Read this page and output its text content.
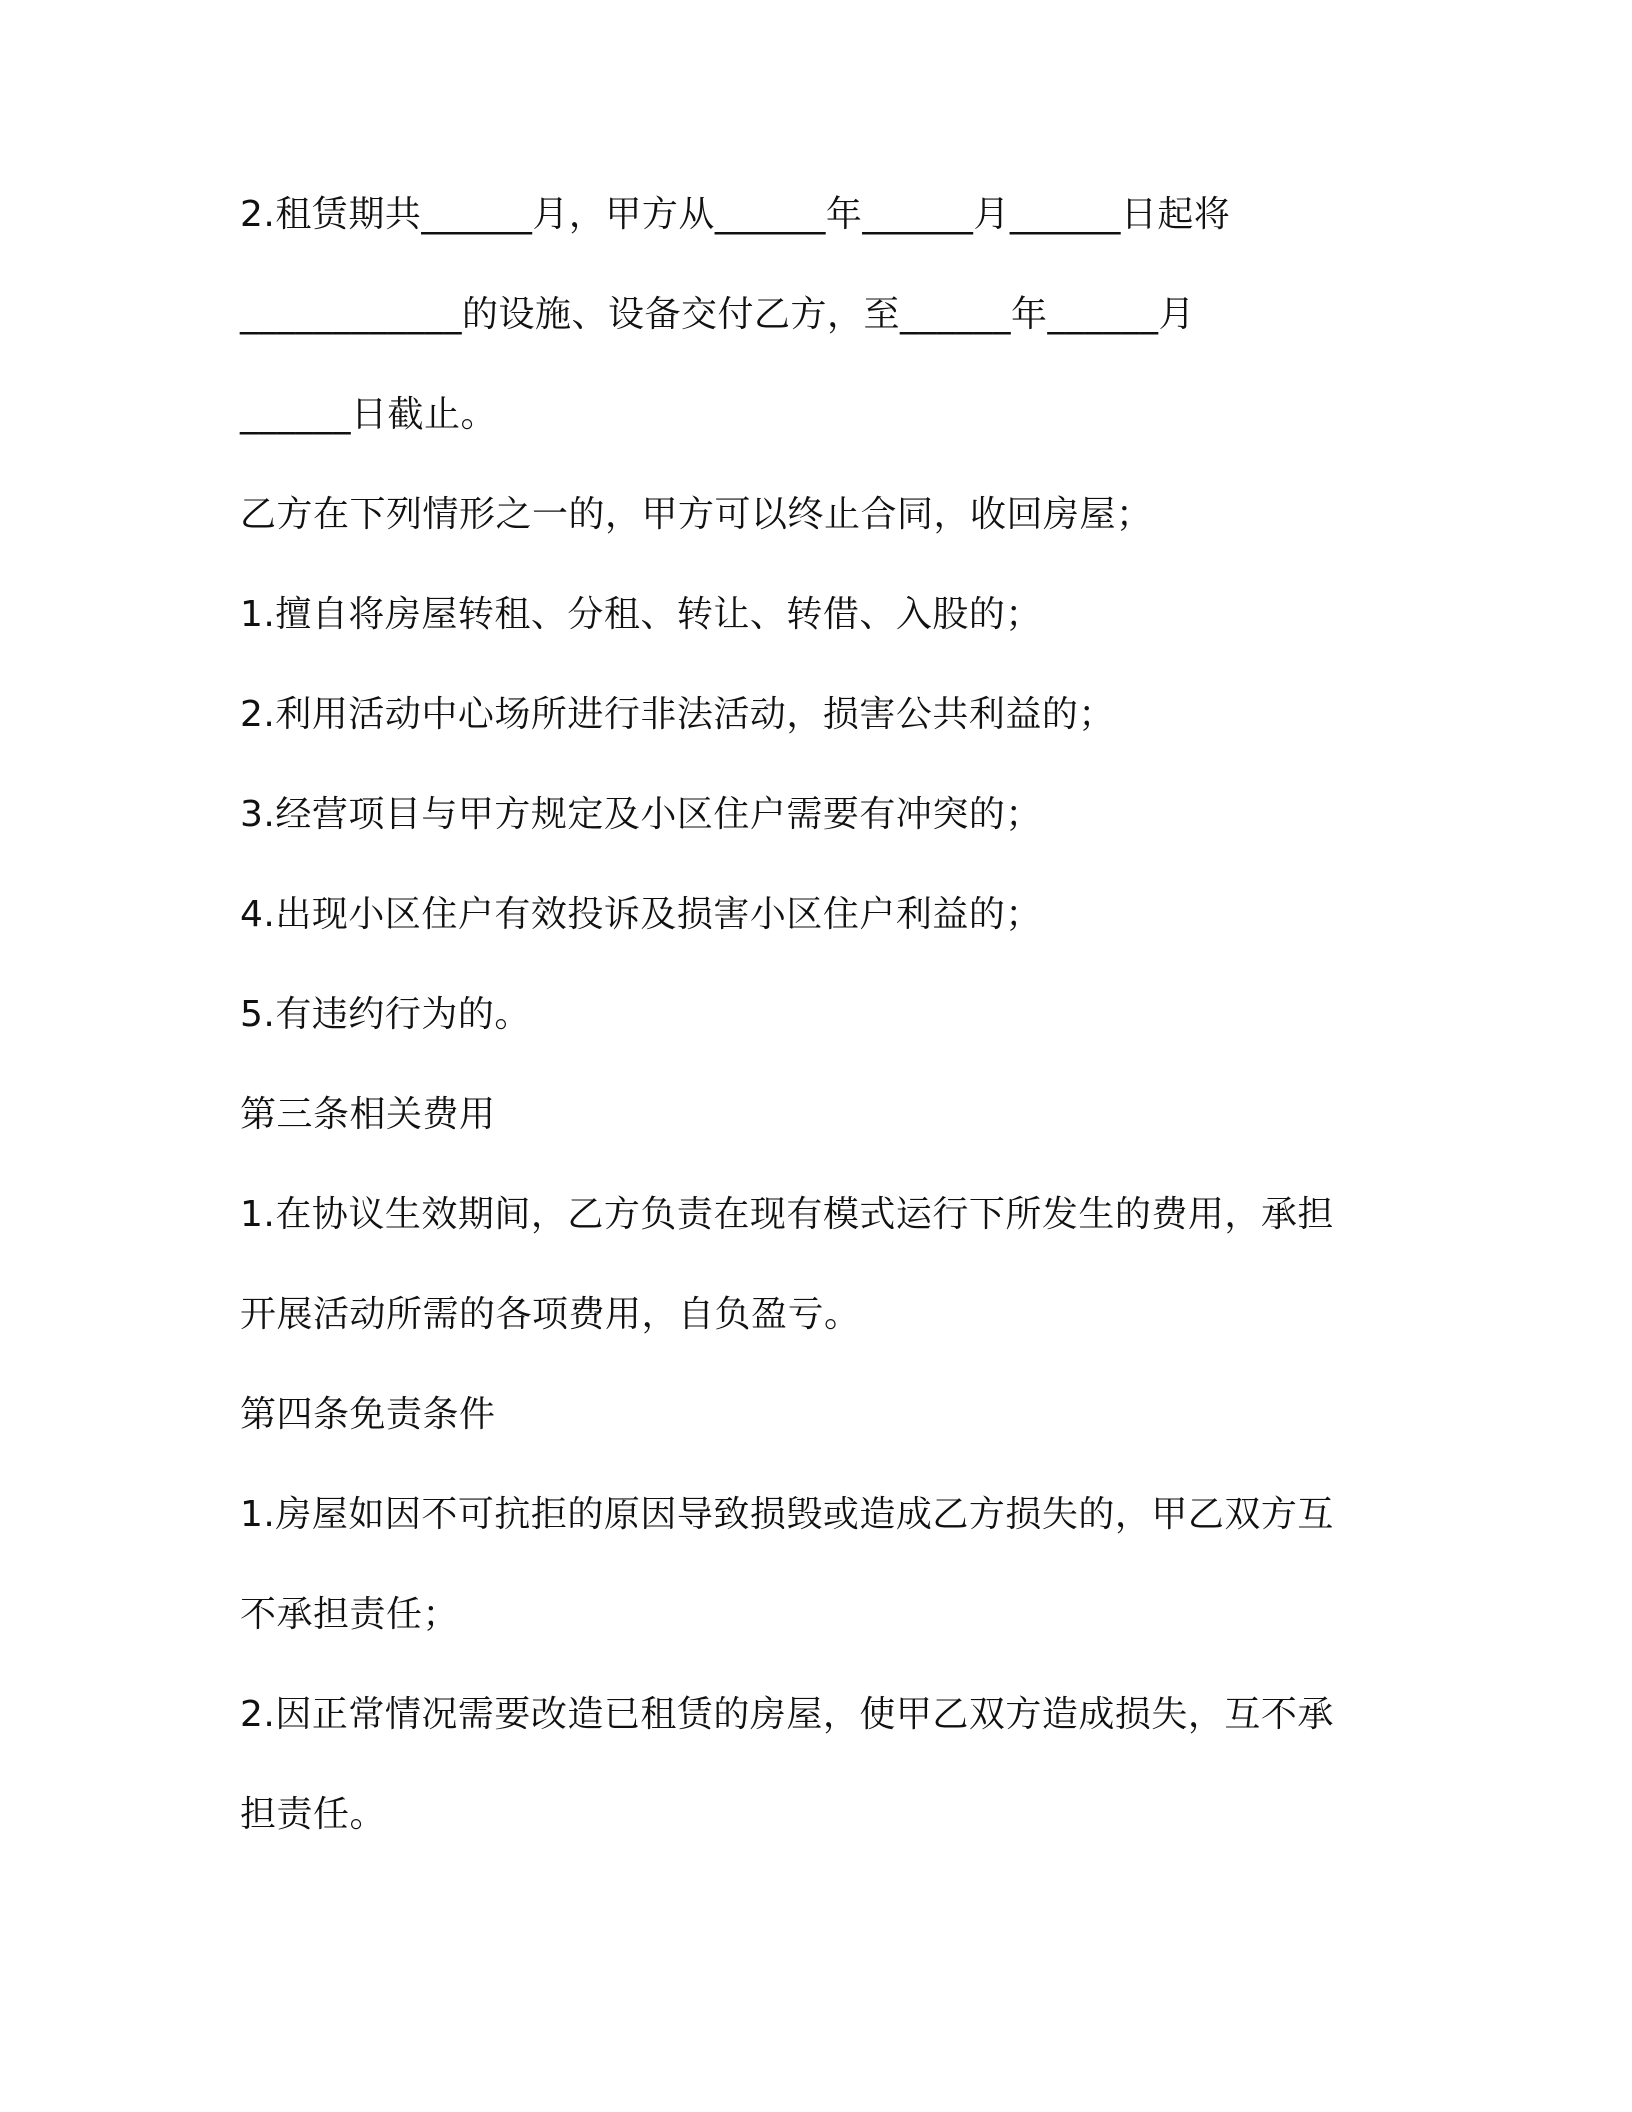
2.租赁期共______月，甲方从______年______月______日起将
____________的设施、设备交付乙方，至______年______月
______日截止。
乙方在下列情形之一的，甲方可以终止合同，收回房屋；
1.擅自将房屋转租、分租、转让、转借、入股的；
2.利用活动中心场所进行非法活动，损害公共利益的；
3.经营项目与甲方规定及小区住户需要有冲突的；
4.出现小区住户有效投诉及损害小区住户利益的；
5.有违约行为的。
第三条相关费用
1.在协议生效期间，乙方负责在现有模式运行下所发生的费用，承担
开展活动所需的各项费用，自负盈亏。
第四条免责条件
1.房屋如因不可抗拒的原因导致损毁或造成乙方损失的，甲乙双方互
不承担责任；
2.因正常情况需要改造已租赁的房屋，使甲乙双方造成损失，互不承
担责任。
